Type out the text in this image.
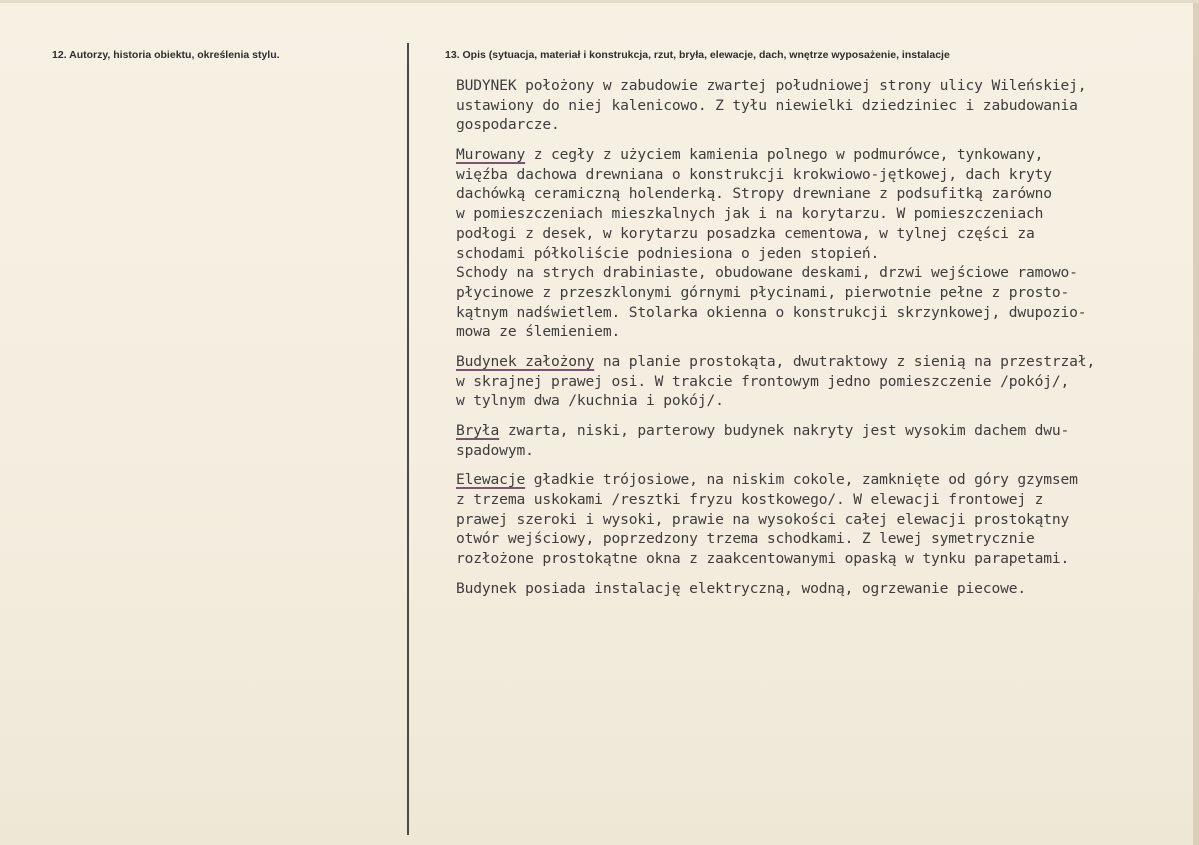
12. Autorzy, historia obiektu, określenia stylu.	13. Opis (sytuacja, materiał i konstrukcja, rzut, bryła, elewacje, dach, wnętrze wyposażenie, instalacje
BUDYNEK położony w zabudowie zwartej południowej strony ulicy Wileńskiej,
ustawiony do niej kalenicowo. Z tyłu niewielki dziedziniec i zabudowania
gospodarcze.
Murowany z cegły z użyciem kamienia polnego w podmurówce, tynkowany,
więźba dachowa drewniana o konstrukcji krokwiowo-jętkowej, dach kryty
dachówką ceramiczną holenderką. Stropy drewniane z podsufitką zarówno
w pomieszczeniach mieszkalnych jak i na korytarzu. W pomieszczeniach
podłogi z desek, w korytarzu posadzka cementowa, w tylnej części za
schodami półkoliście podniesiona o jeden stopień.
Schody na strych drabiniaste, obudowane deskami, drzwi wejściowe ramowo-
płycinowe z przeszklonymi górnymi płycinami, pierwotnie pełne z prosto-
kątnym nadświetlem. Stolarka okienna o konstrukcji skrzynkowej, dwupozio-
mowa ze ślemieniem.
Budynek założony na planie prostokąta, dwutraktowy z sienią na przestrzał,
w skrajnej prawej osi. W trakcie frontowym jedno pomieszczenie /pokój/,
w tylnym dwa /kuchnia i pokój/.
Bryła zwarta, niski, parterowy budynek nakryty jest wysokim dachem dwu-
spadowym.
Elewacje gładkie trójosiowe, na niskim cokole, zamknięte od góry gzymsem
z trzema uskokami /resztki fryzu kostkowego/. W elewacji frontowej z
prawej szeroki i wysoki, prawie na wysokości całej elewacji prostokątny
otwór wejściowy, poprzedzony trzema schodkami. Z lewej symetrycznie
rozłożone prostokątne okna z zaakcentowanymi opaską w tynku parapetami.
Budynek posiada instalację elektryczną, wodną, ogrzewanie piecowe.
